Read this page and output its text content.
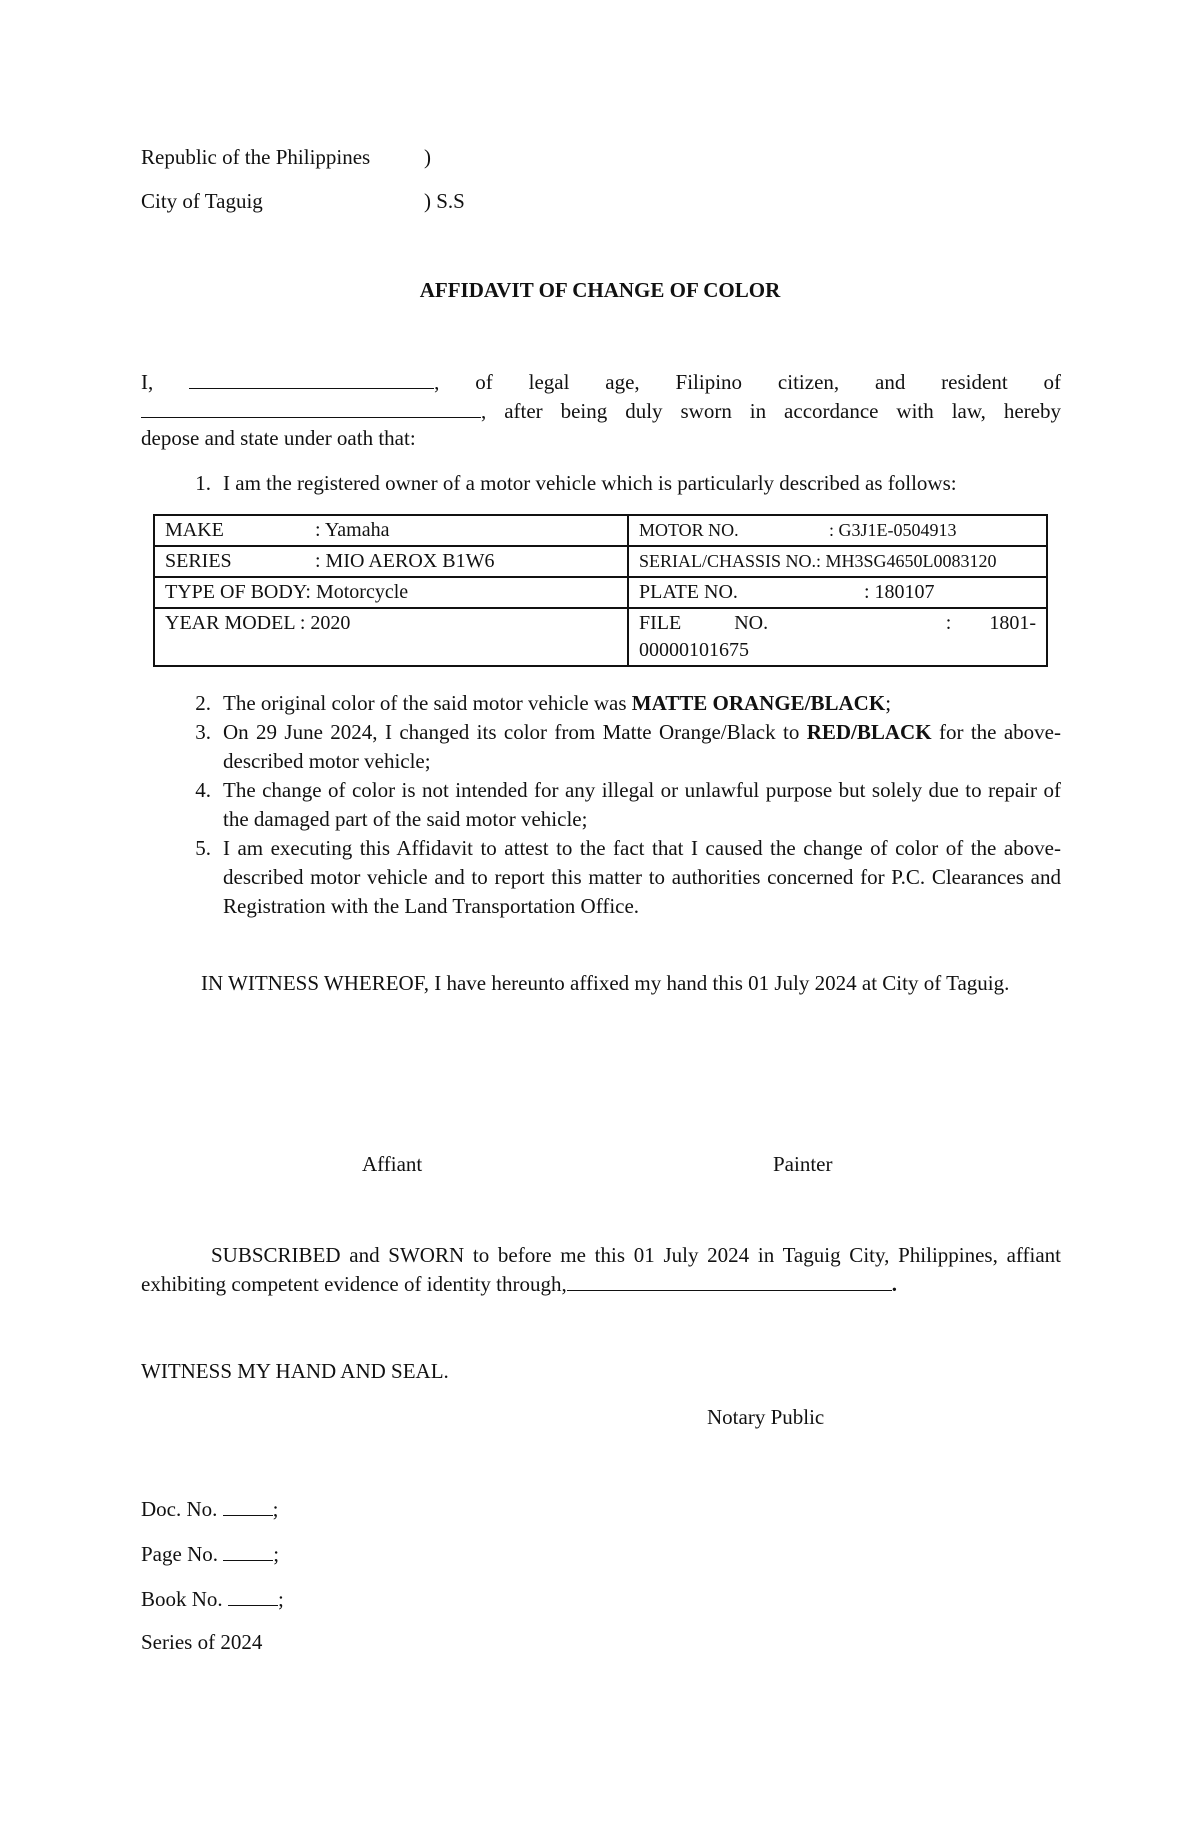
Republic of the Philippines	)
City of Taguig	) S.S
AFFIDAVIT OF CHANGE OF COLOR
I,	, of legal age, Filipino citizen, and resident of
, after being duly sworn in accordance with law, hereby
depose and state under oath that:
1. I am the registered owner of a motor vehicle which is particularly described as follows:
MAKE : Yamaha	MOTOR NO. : G3J1E-0504913
SERIES : MIO AEROX B1W6	SERIAL/CHASSIS NO.: MH3SG4650L0083120
TYPE OF BODY: Motorcycle	PLATE NO. : 180107
YEAR MODEL : 2020	FILE NO. : 1801-
00000101675
2. The original color of the said motor vehicle was MATTE ORANGE/BLACK;
3. On 29 June 2024, I changed its color from Matte Orange/Black to RED/BLACK for the above-described motor vehicle;
4. The change of color is not intended for any illegal or unlawful purpose but solely due to repair of the damaged part of the said motor vehicle;
5. I am executing this Affidavit to attest to the fact that I caused the change of color of the above-described motor vehicle and to report this matter to authorities concerned for P.C. Clearances and Registration with the Land Transportation Office.
IN WITNESS WHEREOF, I have hereunto affixed my hand this 01 July 2024 at City of Taguig.
Affiant	Painter
SUBSCRIBED and SWORN to before me this 01 July 2024 in Taguig City, Philippines, affiant exhibiting competent evidence of identity through,	.
WITNESS MY HAND AND SEAL.
Notary Public
Doc. No.	;
Page No.	;
Book No.	;
Series of 2024
